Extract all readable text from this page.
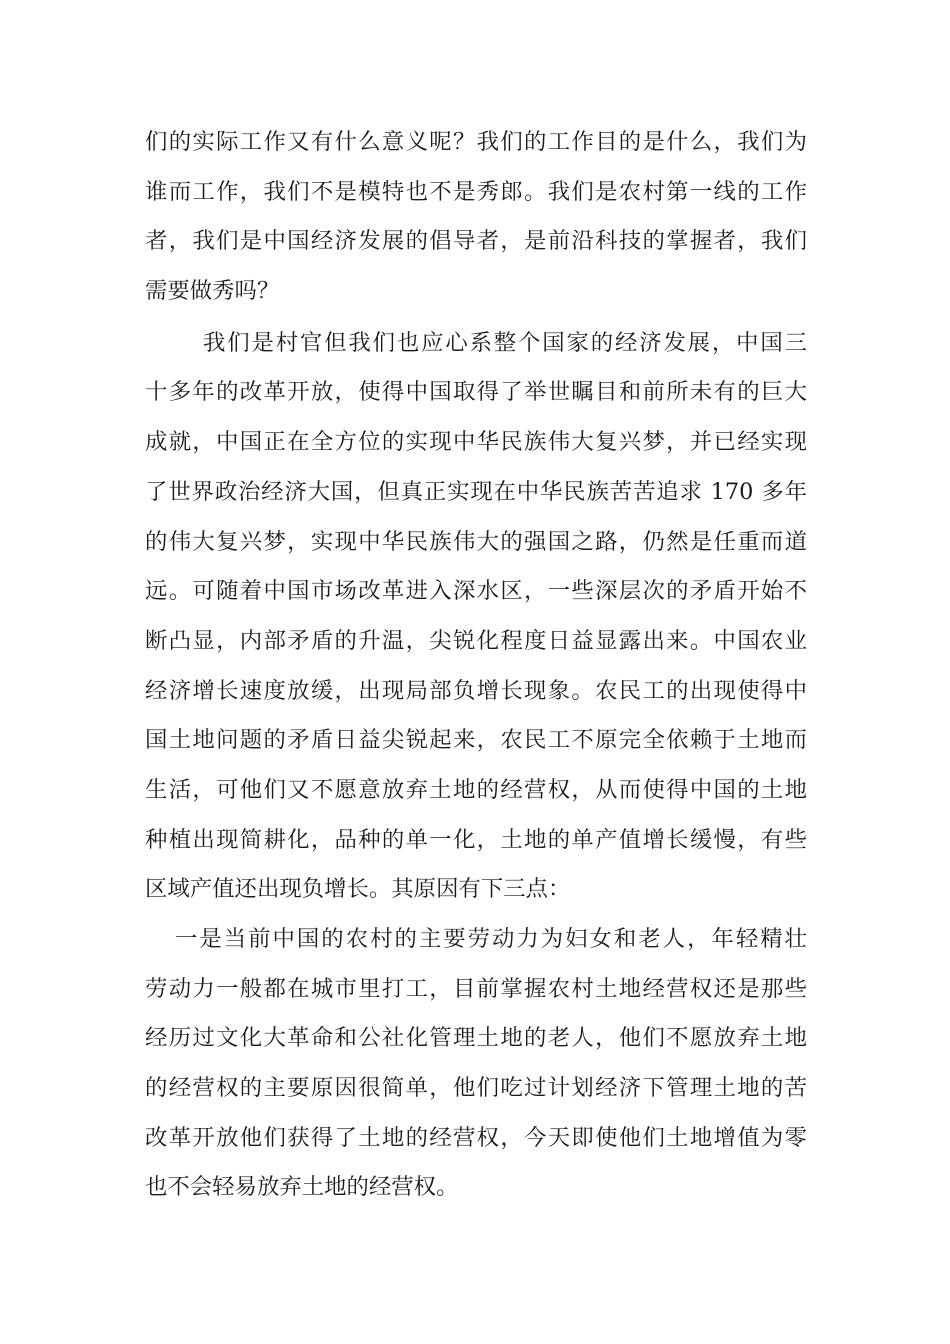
们的实际工作又有什么意义呢？我们的工作目的是什么，我们为
谁而工作，我们不是模特也不是秀郎。我们是农村第一线的工作
者，我们是中国经济发展的倡导者，是前沿科技的掌握者，我们
需要做秀吗？
我们是村官但我们也应心系整个国家的经济发展，中国三
十多年的改革开放，使得中国取得了举世瞩目和前所未有的巨大
成就，中国正在全方位的实现中华民族伟大复兴梦，并已经实现
了世界政治经济大国，但真正实现在中华民族苦苦追求 170 多年
的伟大复兴梦，实现中华民族伟大的强国之路，仍然是任重而道
远。可随着中国市场改革进入深水区，一些深层次的矛盾开始不
断凸显，内部矛盾的升温，尖锐化程度日益显露出来。中国农业
经济增长速度放缓，出现局部负增长现象。农民工的出现使得中
国土地问题的矛盾日益尖锐起来，农民工不原完全依赖于土地而
生活，可他们又不愿意放弃土地的经营权，从而使得中国的土地
种植出现简耕化，品种的单一化，土地的单产值增长缓慢，有些
区域产值还出现负增长。其原因有下三点：
一是当前中国的农村的主要劳动力为妇女和老人，年轻精壮
劳动力一般都在城市里打工，目前掌握农村土地经营权还是那些
经历过文化大革命和公社化管理土地的老人，他们不愿放弃土地
的经营权的主要原因很简单，他们吃过计划经济下管理土地的苦
改革开放他们获得了土地的经营权，今天即使他们土地增值为零
也不会轻易放弃土地的经营权。
